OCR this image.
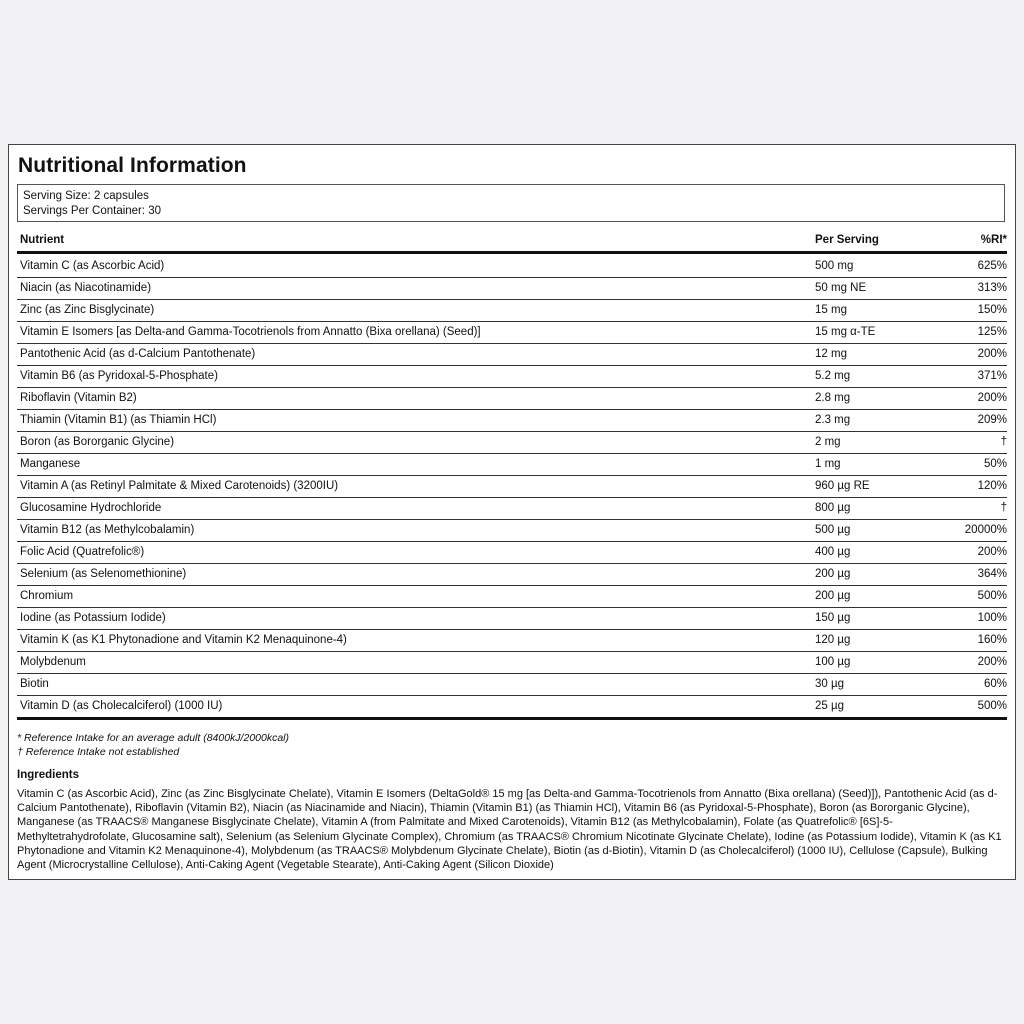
Nutritional Information
Serving Size: 2 capsules
Servings Per Container: 30
Nutrient	Per Serving	%RI*
Vitamin C (as Ascorbic Acid)	500 mg	625%
Niacin (as Niacotinamide)	50 mg NE	313%
Zinc (as Zinc Bisglycinate)	15 mg	150%
Vitamin E Isomers [as Delta-and Gamma-Tocotrienols from Annatto (Bixa orellana) (Seed)]	15 mg α-TE	125%
Pantothenic Acid (as d-Calcium Pantothenate)	12 mg	200%
Vitamin B6 (as Pyridoxal-5-Phosphate)	5.2 mg	371%
Riboflavin (Vitamin B2)	2.8 mg	200%
Thiamin (Vitamin B1) (as Thiamin HCl)	2.3 mg	209%
Boron (as Bororganic Glycine)	2 mg	†
Manganese	1 mg	50%
Vitamin A (as Retinyl Palmitate & Mixed Carotenoids) (3200IU)	960 µg RE	120%
Glucosamine Hydrochloride	800 µg	†
Vitamin B12 (as Methylcobalamin)	500 µg	20000%
Folic Acid (Quatrefolic®)	400 µg	200%
Selenium (as Selenomethionine)	200 µg	364%
Chromium	200 µg	500%
Iodine (as Potassium Iodide)	150 µg	100%
Vitamin K (as K1 Phytonadione and Vitamin K2 Menaquinone-4)	120 µg	160%
Molybdenum	100 µg	200%
Biotin	30 µg	60%
Vitamin D (as Cholecalciferol) (1000 IU)	25 µg	500%
* Reference Intake for an average adult (8400kJ/2000kcal)
† Reference Intake not established
Ingredients
Vitamin C (as Ascorbic Acid), Zinc (as Zinc Bisglycinate Chelate), Vitamin E Isomers (DeltaGold® 15 mg [as Delta-and Gamma-Tocotrienols from Annatto (Bixa orellana) (Seed)]), Pantothenic Acid (as d-Calcium Pantothenate), Riboflavin (Vitamin B2), Niacin (as Niacinamide and Niacin), Thiamin (Vitamin B1) (as Thiamin HCl), Vitamin B6 (as Pyridoxal-5-Phosphate), Boron (as Bororganic Glycine), Manganese (as TRAACS® Manganese Bisglycinate Chelate), Vitamin A (from Palmitate and Mixed Carotenoids), Vitamin B12 (as Methylcobalamin), Folate (as Quatrefolic® [6S]-5-Methyltetrahydrofolate, Glucosamine salt), Selenium (as Selenium Glycinate Complex), Chromium (as TRAACS® Chromium Nicotinate Glycinate Chelate), Iodine (as Potassium Iodide), Vitamin K (as K1 Phytonadione and Vitamin K2 Menaquinone-4), Molybdenum (as TRAACS® Molybdenum Glycinate Chelate), Biotin (as d-Biotin), Vitamin D (as Cholecalciferol) (1000 IU), Cellulose (Capsule), Bulking Agent (Microcrystalline Cellulose), Anti-Caking Agent (Vegetable Stearate), Anti-Caking Agent (Silicon Dioxide)
